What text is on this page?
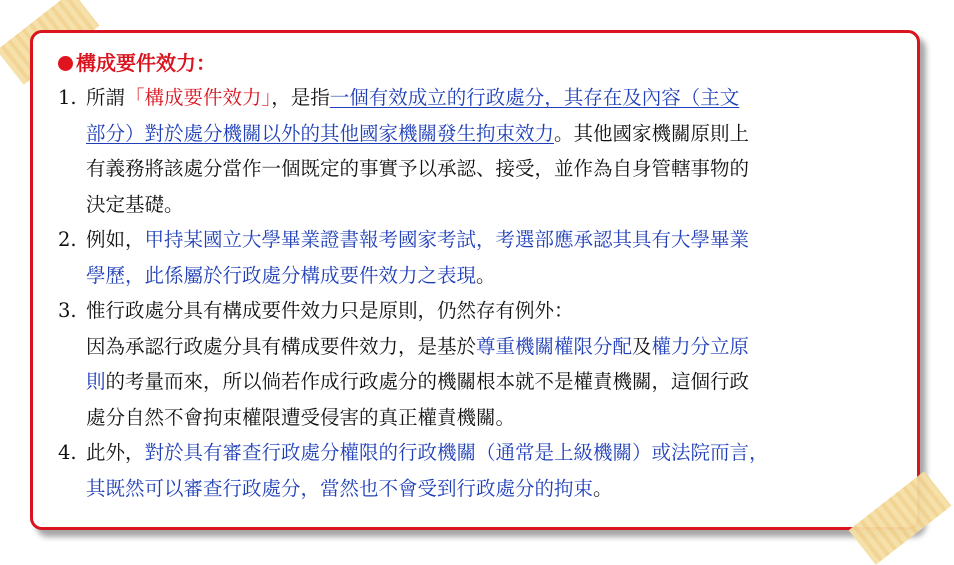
構成要件效力：
1. 所謂「構成要件效力」，是指一個有效成立的行政處分，其存在及內容（主文
部分）對於處分機關以外的其他國家機關發生拘束效力。其他國家機關原則上
有義務將該處分當作一個既定的事實予以承認、接受，並作為自身管轄事物的
決定基礎。
2. 例如，甲持某國立大學畢業證書報考國家考試，考選部應承認其具有大學畢業
學歷，此係屬於行政處分構成要件效力之表現。
3. 惟行政處分具有構成要件效力只是原則，仍然存有例外：
因為承認行政處分具有構成要件效力，是基於尊重機關權限分配及權力分立原
則的考量而來，所以倘若作成行政處分的機關根本就不是權責機關，這個行政
處分自然不會拘束權限遭受侵害的真正權責機關。
4. 此外，對於具有審查行政處分權限的行政機關（通常是上級機關）或法院而言，
其既然可以審查行政處分，當然也不會受到行政處分的拘束。
